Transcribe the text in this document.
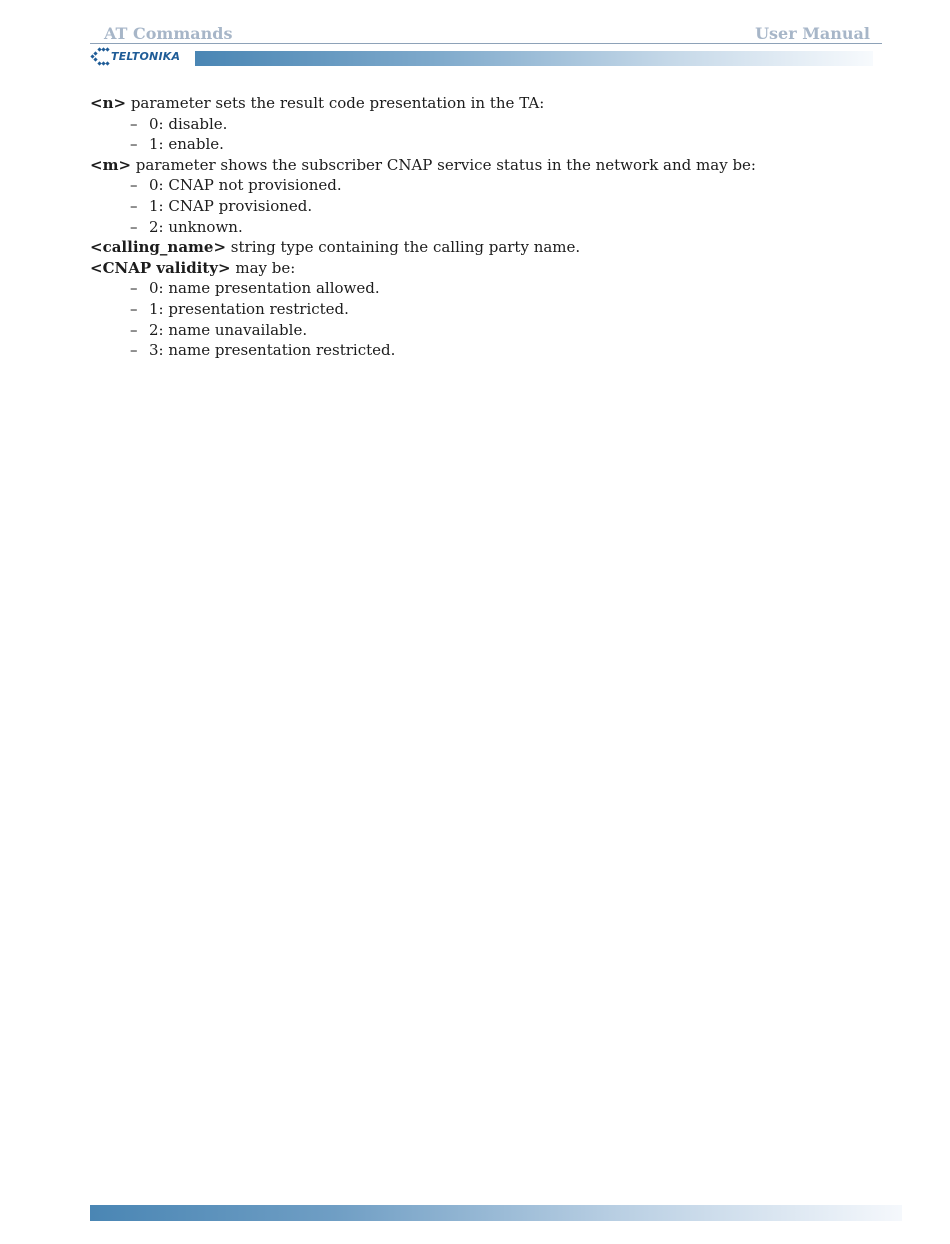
AT Commands	User Manual
TELTONIKA
<n> parameter sets the result code presentation in the TA:
– 0: disable.
– 1: enable.
<m> parameter shows the subscriber CNAP service status in the network and may be:
– 0: CNAP not provisioned.
– 1: CNAP provisioned.
– 2: unknown.
<calling_name> string type containing the calling party name.
<CNAP validity> may be:
– 0: name presentation allowed.
– 1: presentation restricted.
– 2: name unavailable.
– 3: name presentation restricted.
